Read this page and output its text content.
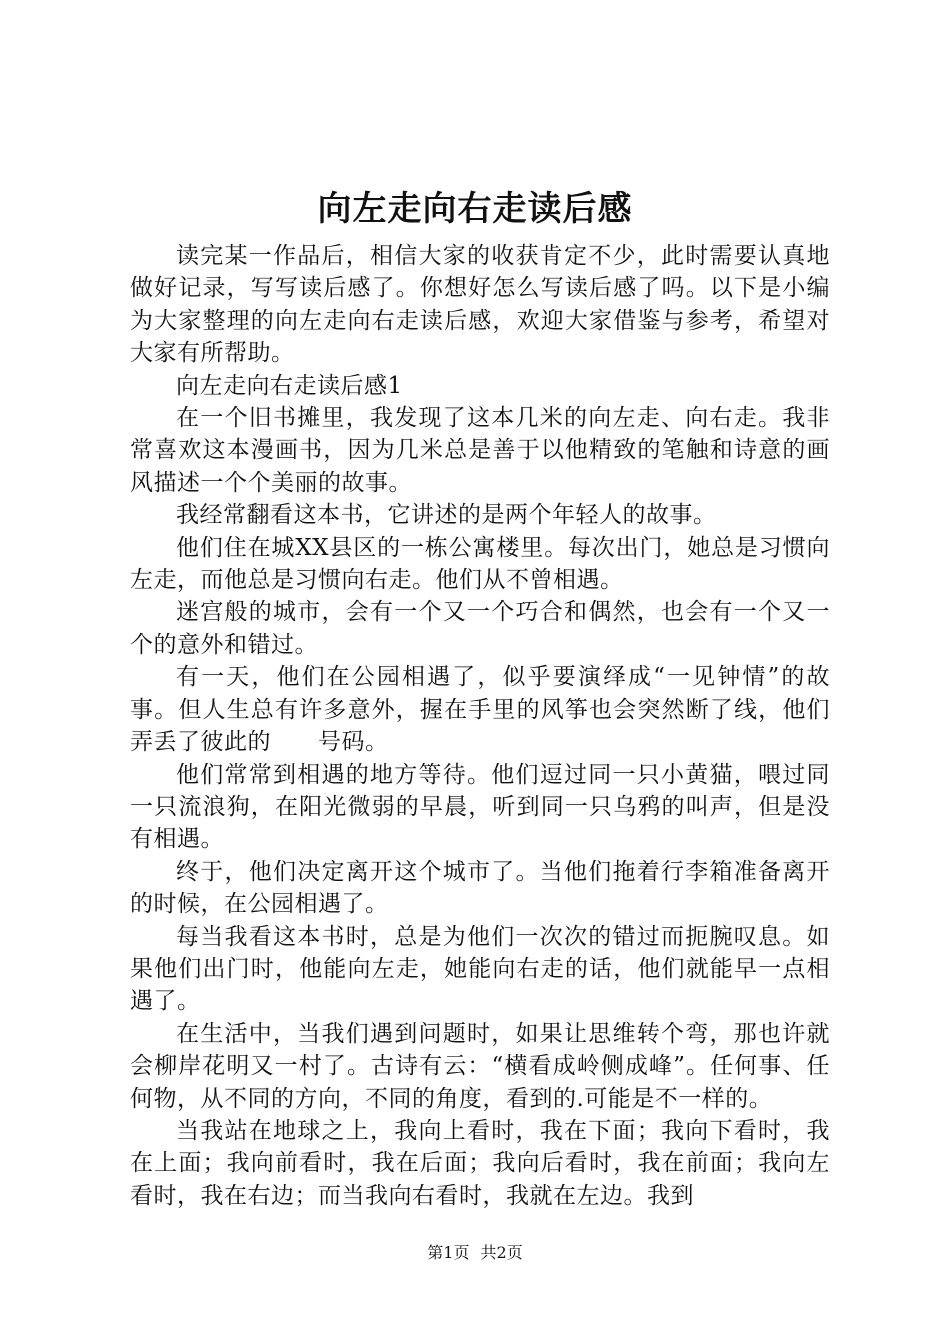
向左走向右走读后感

读完某一作品后，相信大家的收获肯定不少，此时需要认真地做好记录，写写读后感了。你想好怎么写读后感了吗。以下是小编为大家整理的向左走向右走读后感，欢迎大家借鉴与参考，希望对大家有所帮助。

向左走向右走读后感1

在一个旧书摊里，我发现了这本几米的向左走、向右走。我非常喜欢这本漫画书，因为几米总是善于以他精致的笔触和诗意的画风描述一个个美丽的故事。

我经常翻看这本书，它讲述的是两个年轻人的故事。

他们住在城XX县区的一栋公寓楼里。每次出门，她总是习惯向左走，而他总是习惯向右走。他们从不曾相遇。

迷宫般的城市，会有一个又一个巧合和偶然，也会有一个又一个的意外和错过。

有一天，他们在公园相遇了，似乎要演绎成“一见钟情”的故事。但人生总有许多意外，握在手里的风筝也会突然断了线，他们弄丢了彼此的　　号码。

他们常常到相遇的地方等待。他们逗过同一只小黄猫，喂过同一只流浪狗，在阳光微弱的早晨，听到同一只乌鸦的叫声，但是没有相遇。

终于，他们决定离开这个城市了。当他们拖着行李箱准备离开的时候，在公园相遇了。

每当我看这本书时，总是为他们一次次的错过而扼腕叹息。如果他们出门时，他能向左走，她能向右走的话，他们就能早一点相遇了。

在生活中，当我们遇到问题时，如果让思维转个弯，那也许就会柳岸花明又一村了。古诗有云：“横看成岭侧成峰”。任何事、任何物，从不同的方向，不同的角度，看到的.可能是不一样的。

当我站在地球之上，我向上看时，我在下面；我向下看时，我在上面；我向前看时，我在后面；我向后看时，我在前面；我向左看时，我在右边；而当我向右看时，我就在左边。我到

第1页 共2页
